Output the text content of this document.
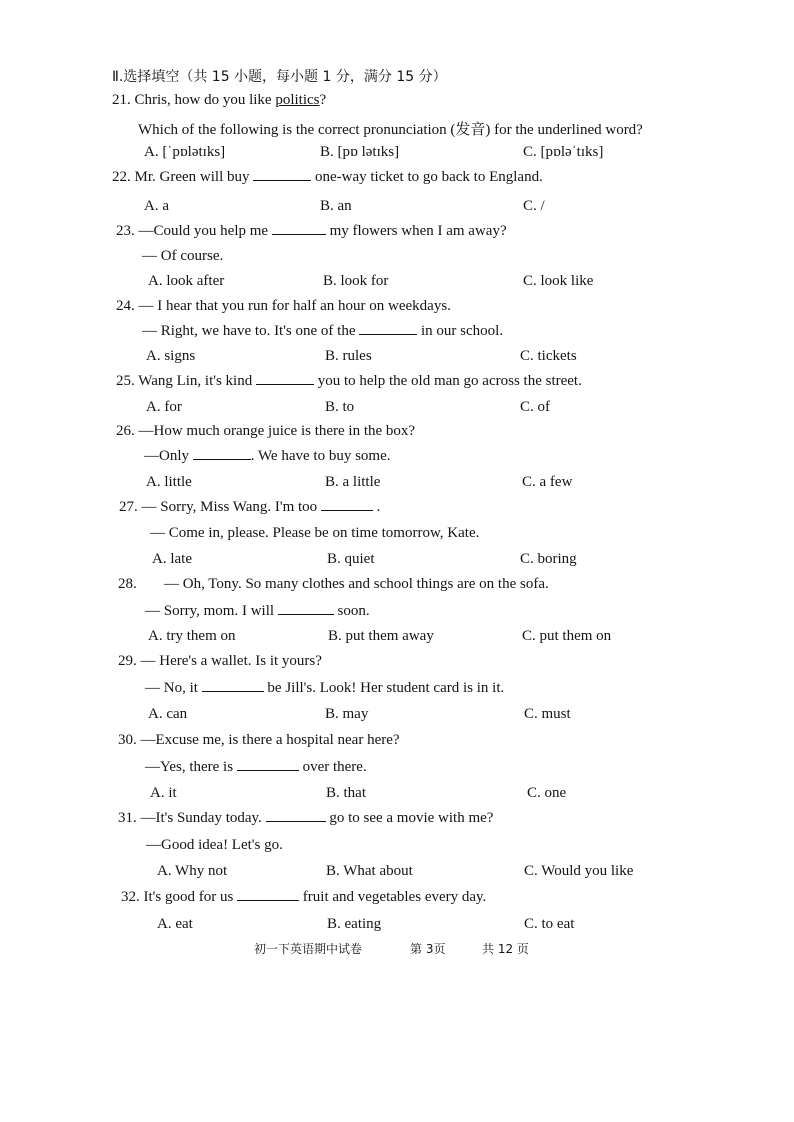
Ⅱ.选择填空（共 15 小题，每小题 1 分，满分 15 分）
21. Chris, how do you like politics?
Which of the following is the correct pronunciation (发音) for the underlined word?
A. [ˈpɒlətɪks]	B. [pɒ lətɪks]	C. [pɒləˈtɪks]
22. Mr. Green will buy	one-way ticket to go back to England.
A. a	B. an	C. /
23. —Could you help me	my flowers when I am away?
— Of course.
A. look after	B. look for	C. look like
24. — I hear that you run for half an hour on weekdays.
— Right, we have to. It's one of the	in our school.
A. signs	B. rules	C. tickets
25. Wang Lin, it's kind	you to help the old man go across the street.
A. for	B. to	C. of
26. —How much orange juice is there in the box?
—Only	. We have to buy some.
A. little	B. a little	C. a few
27. — Sorry, Miss Wang. I'm too	.
— Come in, please. Please be on time tomorrow, Kate.
A. late	B. quiet	C. boring
28. — Oh, Tony. So many clothes and school things are on the sofa.
— Sorry, mom. I will	soon.
A. try them on	B. put them away	C. put them on
29. — Here's a wallet. Is it yours?
— No, it	be Jill's. Look! Her student card is in it.
A. can	B. may	C. must
30. —Excuse me, is there a hospital near here?
—Yes, there is	over there.
A. it	B. that	C. one
31. —It's Sunday today.	go to see a movie with me?
—Good idea! Let's go.
A. Why not	B. What about	C. Would you like
32. It's good for us	fruit and vegetables every day.
A. eat	B. eating	C. to eat
初一下英语期中试卷	第 3页	共 12 页
